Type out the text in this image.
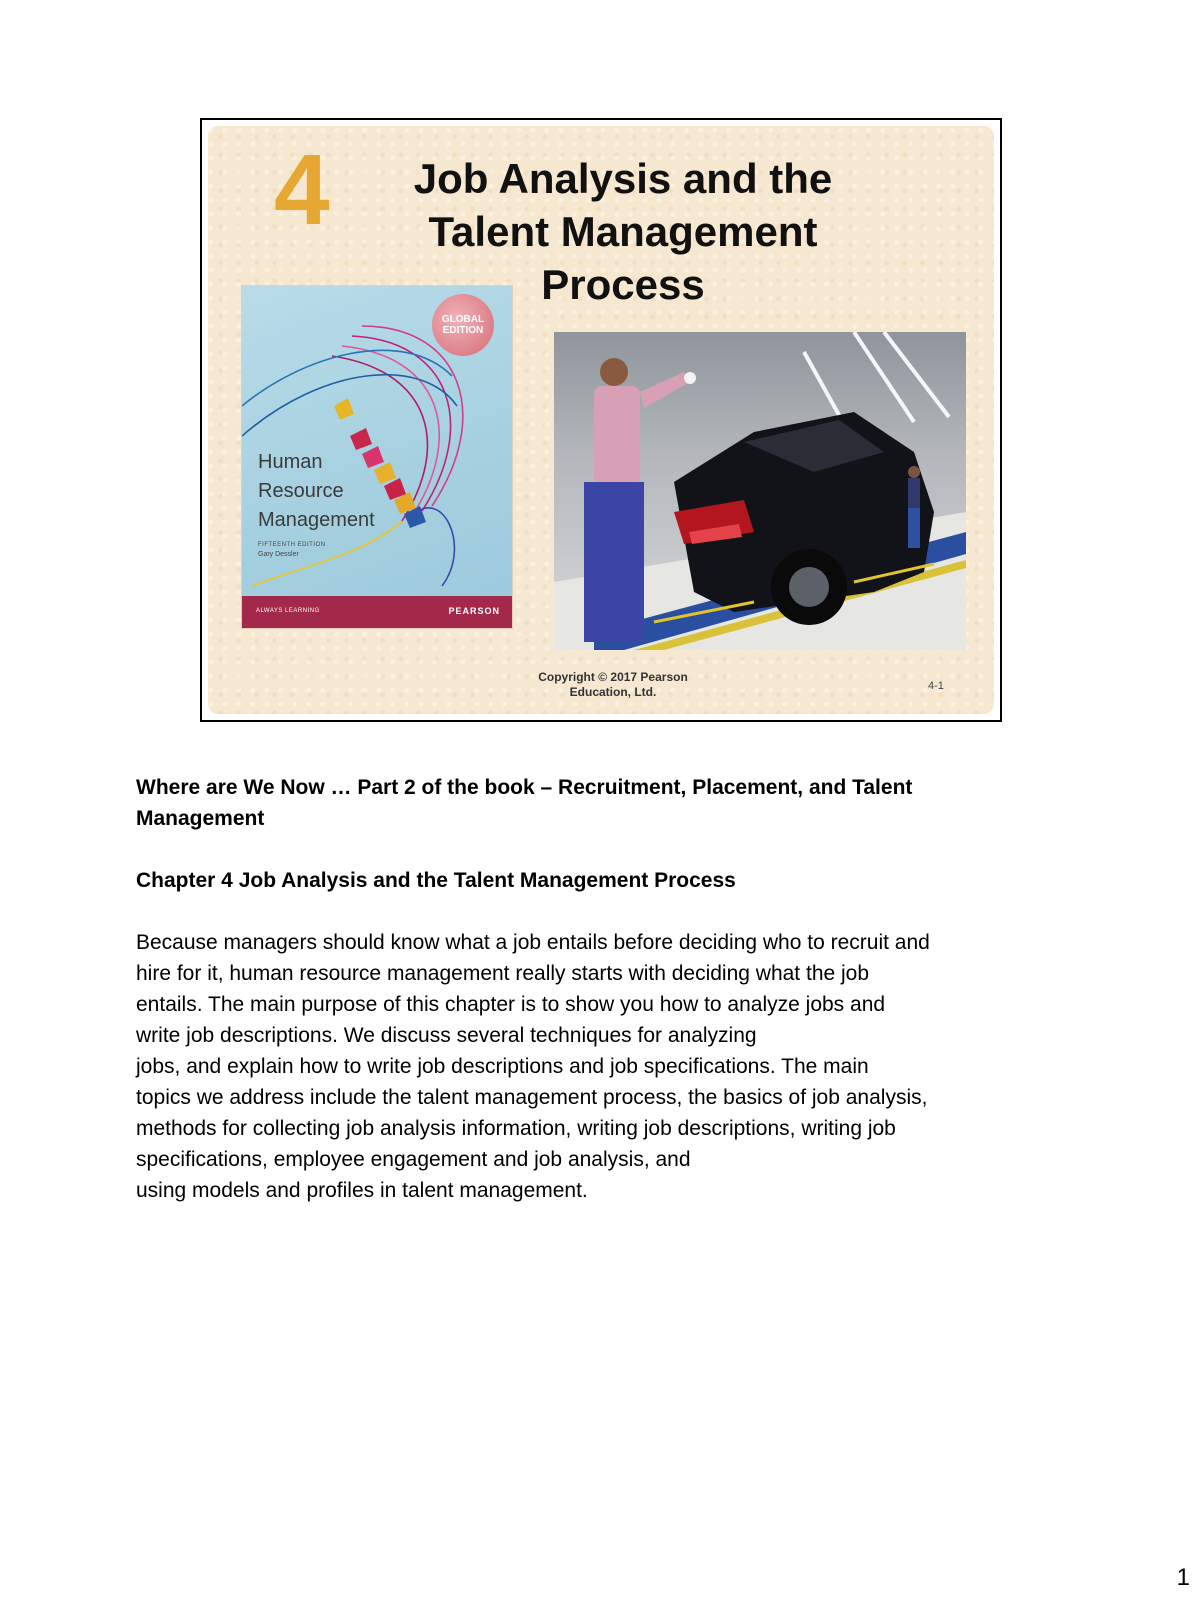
4	Job Analysis and the
Talent Management
Process
GLOBAL
EDITION
Human
Resource
Management
FIFTEENTH EDITION
Gary Dessler
ALWAYS LEARNING	PEARSON
Copyright © 2017 Pearson
Education, Ltd.	4-1

Where are We Now … Part 2 of the book – Recruitment, Placement, and Talent
Management

Chapter 4 Job Analysis and the Talent Management Process

Because managers should know what a job entails before deciding who to recruit and
hire for it, human resource management really starts with deciding what the job
entails. The main purpose of this chapter is to show you how to analyze jobs and
write job descriptions. We discuss several techniques for analyzing
jobs, and explain how to write job descriptions and job specifications. The main
topics we address include the talent management process, the basics of job analysis,
methods for collecting job analysis information, writing job descriptions, writing job
specifications, employee engagement and job analysis, and
using models and profiles in talent management.

1
